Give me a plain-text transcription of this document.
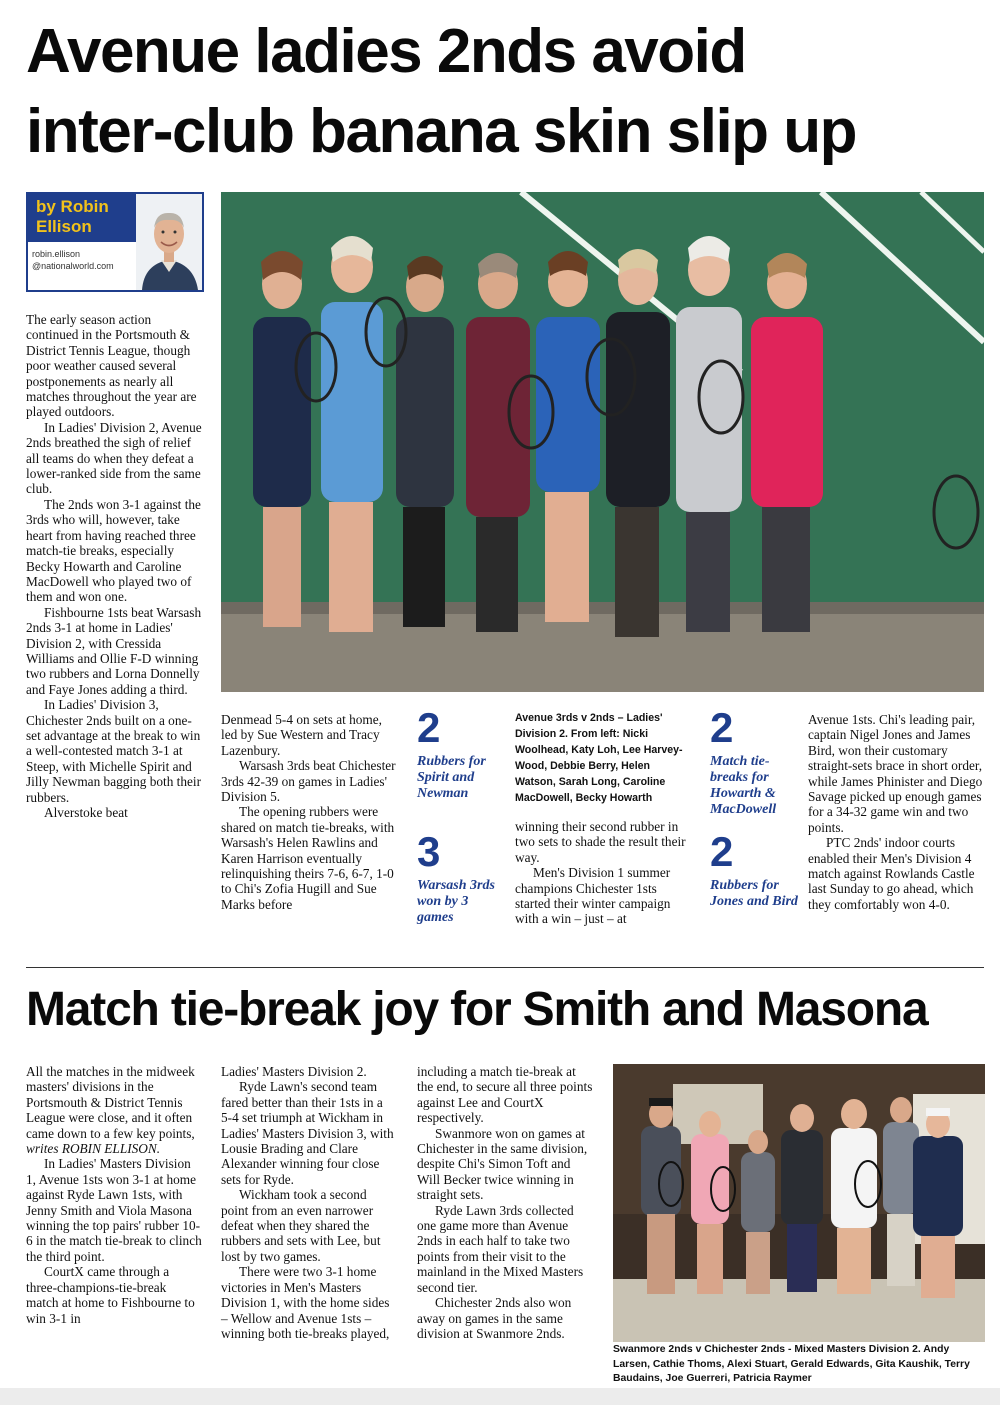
Avenue ladies 2nds avoid
inter-club banana skin slip up
by Robin Ellison
robin.ellison
@nationalworld.com

The early season action continued in the Portsmouth & District Tennis League, though poor weather caused several postponements as nearly all matches throughout the year are played outdoors.

In Ladies' Division 2, Avenue 2nds breathed the sigh of relief all teams do when they defeat a lower-ranked side from the same club.

The 2nds won 3-1 against the 3rds who will, however, take heart from having reached three match-tie breaks, especially Becky Howarth and Caroline MacDowell who played two of them and won one.

Fishbourne 1sts beat Warsash 2nds 3-1 at home in Ladies' Division 2, with Cressida Williams and Ollie F-D winning two rubbers and Lorna Donnelly and Faye Jones adding a third.

In Ladies' Division 3, Chichester 2nds built on a one-set advantage at the break to win a well-contested match 3-1 at Steep, with Michelle Spirit and Jilly Newman bagging both their rubbers.

Alverstoke beat

Denmead 5-4 on sets at home, led by Sue Western and Tracy Lazenbury.

Warsash 3rds beat Chichester 3rds 42-39 on games in Ladies' Division 5.

The opening rubbers were shared on match tie-breaks, with Warsash's Helen Rawlins and Karen Harrison eventually relinquishing theirs 7-6, 6-7, 1-0 to Chi's Zofia Hugill and Sue Marks before

2
Rubbers for Spirit and Newman
3
Warsash 3rds won by 3 games
Avenue 3rds v 2nds – Ladies' Division 2. From left: Nicki Woolhead, Katy Loh, Lee Harvey-Wood, Debbie Berry, Helen Watson, Sarah Long, Caroline MacDowell, Becky Howarth

winning their second rubber in two sets to shade the result their way.

Men's Division 1 summer champions Chichester 1sts started their winter campaign with a win – just – at

2
Match tie-breaks for Howarth & MacDowell
2
Rubbers for Jones and Bird

Avenue 1sts. Chi's leading pair, captain Nigel Jones and James Bird, won their customary straight-sets brace in short order, while James Phinister and Diego Savage picked up enough games for a 34-32 game win and two points.

PTC 2nds' indoor courts enabled their Men's Division 4 match against Rowlands Castle last Sunday to go ahead, which they comfortably won 4-0.

Match tie-break joy for Smith and Masona

All the matches in the midweek masters' divisions in the Portsmouth & District Tennis League were close, and it often came down to a few key points, writes ROBIN ELLISON.

In Ladies' Masters Division 1, Avenue 1sts won 3-1 at home against Ryde Lawn 1sts, with Jenny Smith and Viola Masona winning the top pairs' rubber 10-6 in the match tie-break to clinch the third point.

CourtX came through a three-champions-tie-break match at home to Fishbourne to win 3-1 in

Ladies' Masters Division 2.

Ryde Lawn's second team fared better than their 1sts in a 5-4 set triumph at Wickham in Ladies' Masters Division 3, with Lousie Brading and Clare Alexander winning four close sets for Ryde.

Wickham took a second point from an even narrower defeat when they shared the rubbers and sets with Lee, but lost by two games.

There were two 3-1 home victories in Men's Masters Division 1, with the home sides – Wellow and Avenue 1sts – winning both tie-breaks played,

including a match tie-break at the end, to secure all three points against Lee and CourtX respectively.

Swanmore won on games at Chichester in the same division, despite Chi's Simon Toft and Will Becker twice winning in straight sets.

Ryde Lawn 3rds collected one game more than Avenue 2nds in each half to take two points from their visit to the mainland in the Mixed Masters second tier.

Chichester 2nds also won away on games in the same division at Swanmore 2nds.

Swanmore 2nds v Chichester 2nds - Mixed Masters Division 2. Andy Larsen, Cathie Thoms, Alexi Stuart, Gerald Edwards, Gita Kaushik, Terry Baudains, Joe Guerreri, Patricia Raymer
